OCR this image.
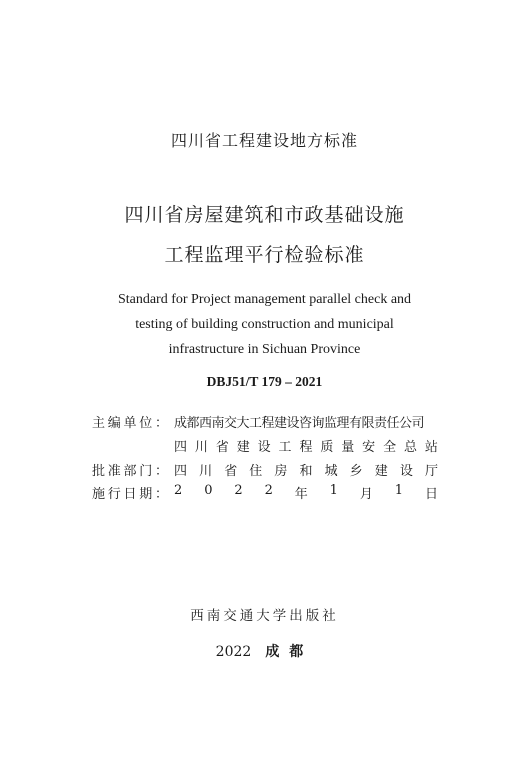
四川省工程建设地方标准
四川省房屋建筑和市政基础设施
工程监理平行检验标准
Standard for Project management parallel check and
testing of building construction and municipal
infrastructure in Sichuan Province
DBJ51/T 179 – 2021
主 编 单 位 ： 成都西南交大工程建设咨询监理有限责任公司
四 川 省 建 设 工 程 质 量 安 全 总 站
批 准 部 门 ： 四 川 省 住 房 和 城 乡 建 设 厅
施 行 日 期 ： 2 0 2 2 年 1 月 1 日
西南交通大学出版社
2022 成都
